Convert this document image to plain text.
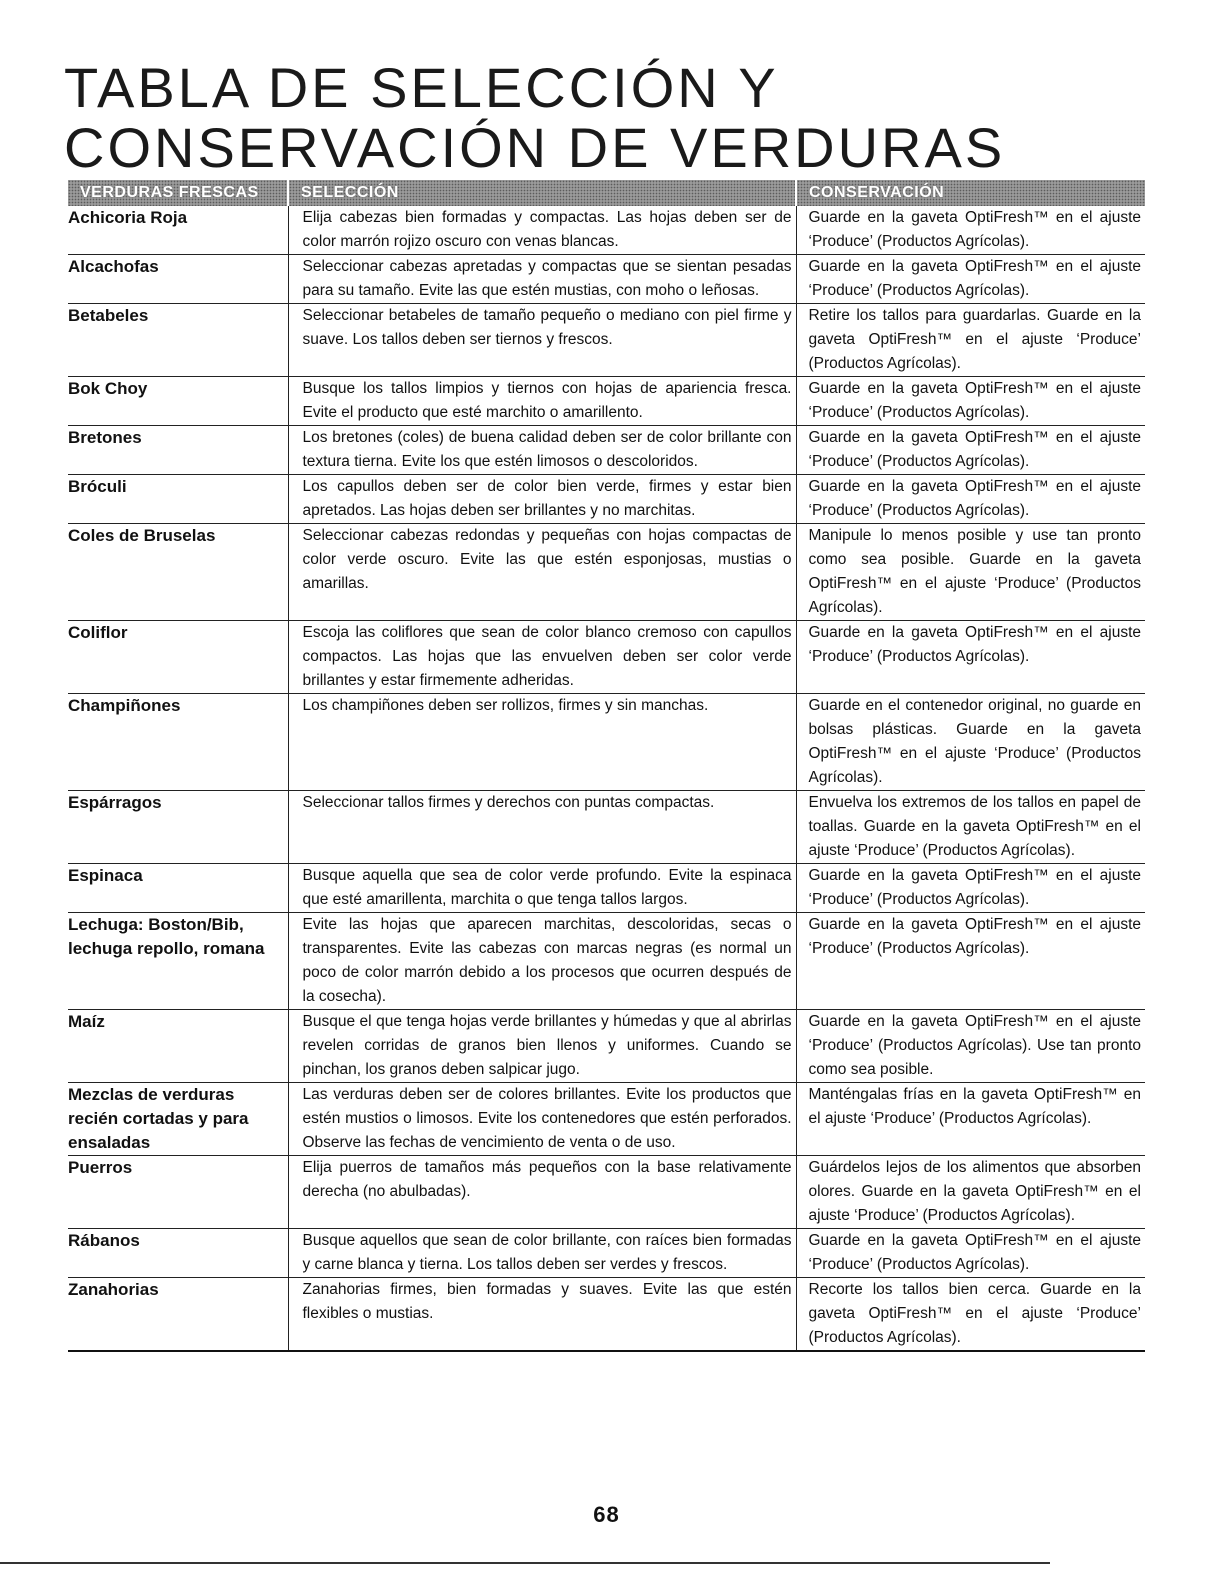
TABLA DE SELECCIÓN Y
CONSERVACIÓN DE VERDURAS
VERDURAS FRESCAS	SELECCIÓN	CONSERVACIÓN
Achicoria Roja	Elija cabezas bien formadas y compactas. Las hojas deben ser de color marrón rojizo oscuro con venas blancas.	Guarde en la gaveta OptiFresh™ en el ajuste ‘Produce’ (Productos Agrícolas).
Alcachofas	Seleccionar cabezas apretadas y compactas que se sientan pesadas para su tamaño. Evite las que estén mustias, con moho o leñosas.	Guarde en la gaveta OptiFresh™ en el ajuste ‘Produce’ (Productos Agrícolas).
Betabeles	Seleccionar betabeles de tamaño pequeño o mediano con piel firme y suave. Los tallos deben ser tiernos y frescos.	Retire los tallos para guardarlas. Guarde en la gaveta OptiFresh™ en el ajuste ‘Produce’ (Productos Agrícolas).
Bok Choy	Busque los tallos limpios y tiernos con hojas de apariencia fresca. Evite el producto que esté marchito o amarillento.	Guarde en la gaveta OptiFresh™ en el ajuste ‘Produce’ (Productos Agrícolas).
Bretones	Los bretones (coles) de buena calidad deben ser de color brillante con textura tierna. Evite los que estén limosos o descoloridos.	Guarde en la gaveta OptiFresh™ en el ajuste ‘Produce’ (Productos Agrícolas).
Bróculi	Los capullos deben ser de color bien verde, firmes y estar bien apretados. Las hojas deben ser brillantes y no marchitas.	Guarde en la gaveta OptiFresh™ en el ajuste ‘Produce’ (Productos Agrícolas).
Coles de Bruselas	Seleccionar cabezas redondas y pequeñas con hojas compactas de color verde oscuro. Evite las que estén esponjosas, mustias o amarillas.	Manipule lo menos posible y use tan pronto como sea posible. Guarde en la gaveta OptiFresh™ en el ajuste ‘Produce’ (Productos Agrícolas).
Coliflor	Escoja las coliflores que sean de color blanco cremoso con capullos compactos. Las hojas que las envuelven deben ser color verde brillantes y estar firmemente adheridas.	Guarde en la gaveta OptiFresh™ en el ajuste ‘Produce’ (Productos Agrícolas).
Champiñones	Los champiñones deben ser rollizos, firmes y sin manchas.	Guarde en el contenedor original, no guarde en bolsas plásticas. Guarde en la gaveta OptiFresh™ en el ajuste ‘Produce’ (Productos Agrícolas).
Espárragos	Seleccionar tallos firmes y derechos con puntas compactas.	Envuelva los extremos de los tallos en papel de toallas. Guarde en la gaveta OptiFresh™ en el ajuste ‘Produce’ (Productos Agrícolas).
Espinaca	Busque aquella que sea de color verde profundo. Evite la espinaca que esté amarillenta, marchita o que tenga tallos largos.	Guarde en la gaveta OptiFresh™ en el ajuste ‘Produce’ (Productos Agrícolas).
Lechuga: Boston/Bib, lechuga repollo, romana	Evite las hojas que aparecen marchitas, descoloridas, secas o transparentes. Evite las cabezas con marcas negras (es normal un poco de color marrón debido a los procesos que ocurren después de la cosecha).	Guarde en la gaveta OptiFresh™ en el ajuste ‘Produce’ (Productos Agrícolas).
Maíz	Busque el que tenga hojas verde brillantes y húmedas y que al abrirlas revelen corridas de granos bien llenos y uniformes. Cuando se pinchan, los granos deben salpicar jugo.	Guarde en la gaveta OptiFresh™ en el ajuste ‘Produce’ (Productos Agrícolas). Use tan pronto como sea posible.
Mezclas de verduras recién cortadas y para ensaladas	Las verduras deben ser de colores brillantes. Evite los productos que estén mustios o limosos. Evite los contenedores que estén perforados. Observe las fechas de vencimiento de venta o de uso.	Manténgalas frías en la gaveta OptiFresh™ en el ajuste ‘Produce’ (Productos Agrícolas).
Puerros	Elija puerros de tamaños más pequeños con la base relativamente derecha (no abulbadas).	Guárdelos lejos de los alimentos que absorben olores. Guarde en la gaveta OptiFresh™ en el ajuste ‘Produce’ (Productos Agrícolas).
Rábanos	Busque aquellos que sean de color brillante, con raíces bien formadas y carne blanca y tierna. Los tallos deben ser verdes y frescos.	Guarde en la gaveta OptiFresh™ en el ajuste ‘Produce’ (Productos Agrícolas).
Zanahorias	Zanahorias firmes, bien formadas y suaves. Evite las que estén flexibles o mustias.	Recorte los tallos bien cerca. Guarde en la gaveta OptiFresh™ en el ajuste ‘Produce’ (Productos Agrícolas).
68
